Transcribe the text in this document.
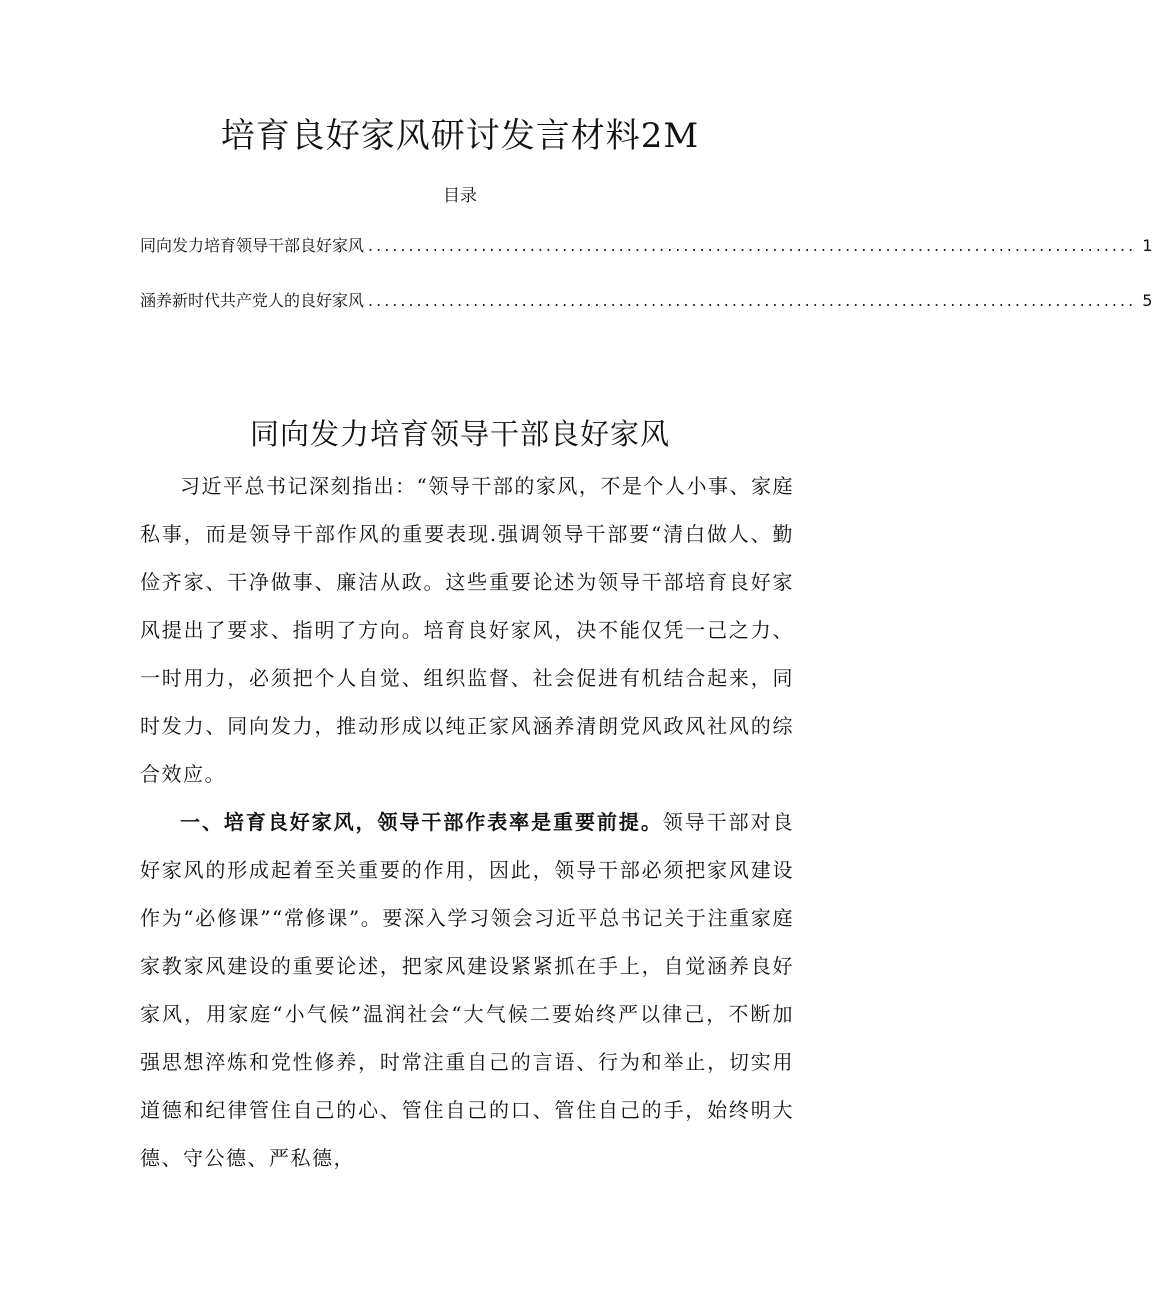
培育良好家风研讨发言材料2M
目录
同向发力培育领导干部良好家风 ............................................................................................... 1
涵养新时代共产党人的良好家风 ............................................................................................... 5
同向发力培育领导干部良好家风

习近平总书记深刻指出：“领导干部的家风，不是个人小事、家庭私事，而是领导干部作风的重要表现.强调领导干部要“清白做人、勤俭齐家、干净做事、廉洁从政。这些重要论述为领导干部培育良好家风提出了要求、指明了方向。培育良好家风，决不能仅凭一己之力、一时用力，必须把个人自觉、组织监督、社会促进有机结合起来，同时发力、同向发力，推动形成以纯正家风涵养清朗党风政风社风的综合效应。

一、培育良好家风，领导干部作表率是重要前提。领导干部对良好家风的形成起着至关重要的作用，因此，领导干部必须把家风建设作为“必修课”“常修课”。要深入学习领会习近平总书记关于注重家庭家教家风建设的重要论述，把家风建设紧紧抓在手上，自觉涵养良好家风，用家庭“小气候”温润社会“大气候二要始终严以律己，不断加强思想淬炼和党性修养，时常注重自己的言语、行为和举止，切实用道德和纪律管住自己的心、管住自己的口、管住自己的手，始终明大德、守公德、严私德，
